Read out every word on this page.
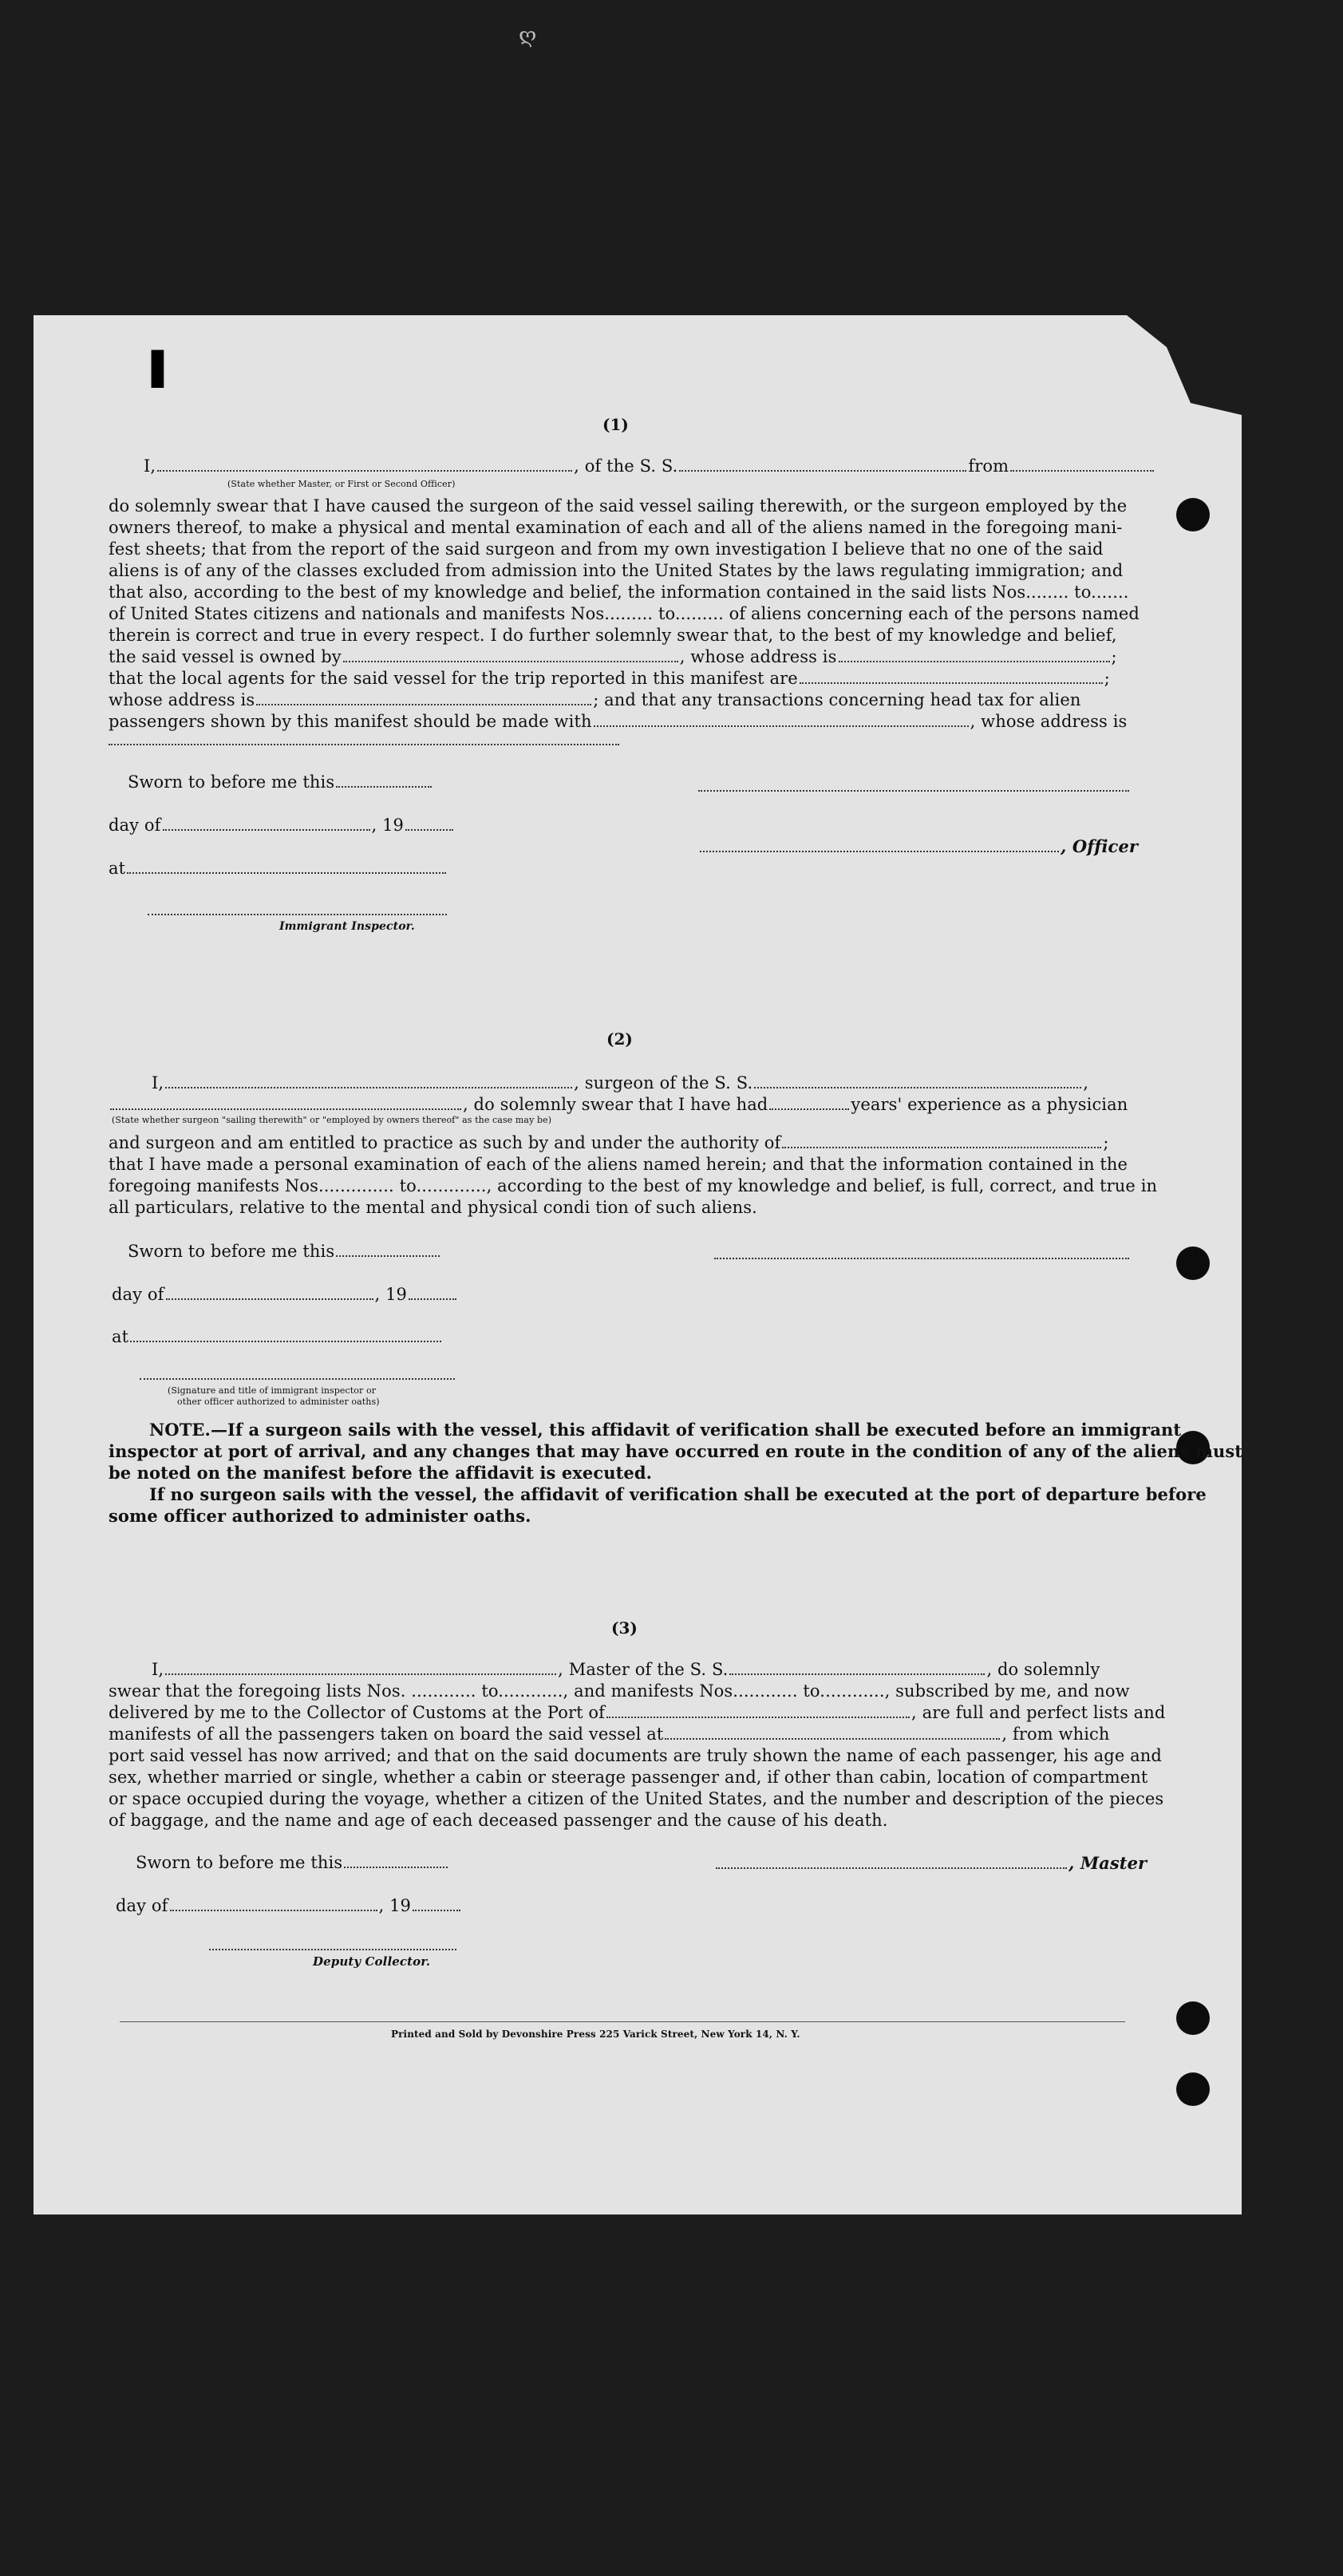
▌
ღ
(1)
I,	, of the S. S.	from
(State whether Master, or First or Second Officer)
do solemnly swear that I have caused the surgeon of the said vessel sailing therewith, or the surgeon employed by the
owners thereof, to make a physical and mental examination of each and all of the aliens named in the foregoing mani-
fest sheets; that from the report of the said surgeon and from my own investigation I believe that no one of the said
aliens is of any of the classes excluded from admission into the United States by the laws regulating immigration; and
that also, according to the best of my knowledge and belief, the information contained in the said lists Nos........ to.......
of United States citizens and nationals and manifests Nos......... to......... of aliens concerning each of the persons named
therein is correct and true in every respect. I do further solemnly swear that, to the best of my knowledge and belief,
the said vessel is owned by	, whose address is	;
that the local agents for the said vessel for the trip reported in this manifest are	;
whose address is	; and that any transactions concerning head tax for alien
passengers shown by this manifest should be made with	, whose address is
Sworn to before me this
day of	, 19
, Officer
at
Immigrant Inspector.
(2)
I,	, surgeon of the S. S.	,
, do solemnly swear that I have had	years' experience as a physician
(State whether surgeon "sailing therewith" or "employed by owners thereof" as the case may be)
and surgeon and am entitled to practice as such by and under the authority of	;
that I have made a personal examination of each of the aliens named herein; and that the information contained in the
foregoing manifests Nos.............. to............., according to the best of my knowledge and belief, is full, correct, and true in
all particulars, relative to the mental and physical condi tion of such aliens.
Sworn to before me this
day of	, 19
at
(Signature and title of immigrant inspector or
other officer authorized to administer oaths)
NOTE.—If a surgeon sails with the vessel, this affidavit of verification shall be executed before an immigrant
inspector at port of arrival, and any changes that may have occurred en route in the condition of any of the aliens must
be noted on the manifest before the affidavit is executed.
If no surgeon sails with the vessel, the affidavit of verification shall be executed at the port of departure before
some officer authorized to administer oaths.
(3)
I,	, Master of the S. S.	, do solemnly
swear that the foregoing lists Nos. ............ to............, and manifests Nos............ to............, subscribed by me, and now
delivered by me to the Collector of Customs at the Port of	, are full and perfect lists and
manifests of all the passengers taken on board the said vessel at	, from which
port said vessel has now arrived; and that on the said documents are truly shown the name of each passenger, his age and
sex, whether married or single, whether a cabin or steerage passenger and, if other than cabin, location of compartment
or space occupied during the voyage, whether a citizen of the United States, and the number and description of the pieces
of baggage, and the name and age of each deceased passenger and the cause of his death.
Sworn to before me this	, Master
day of	, 19
Deputy Collector.
Printed and Sold by Devonshire Press 225 Varick Street, New York 14, N. Y.
